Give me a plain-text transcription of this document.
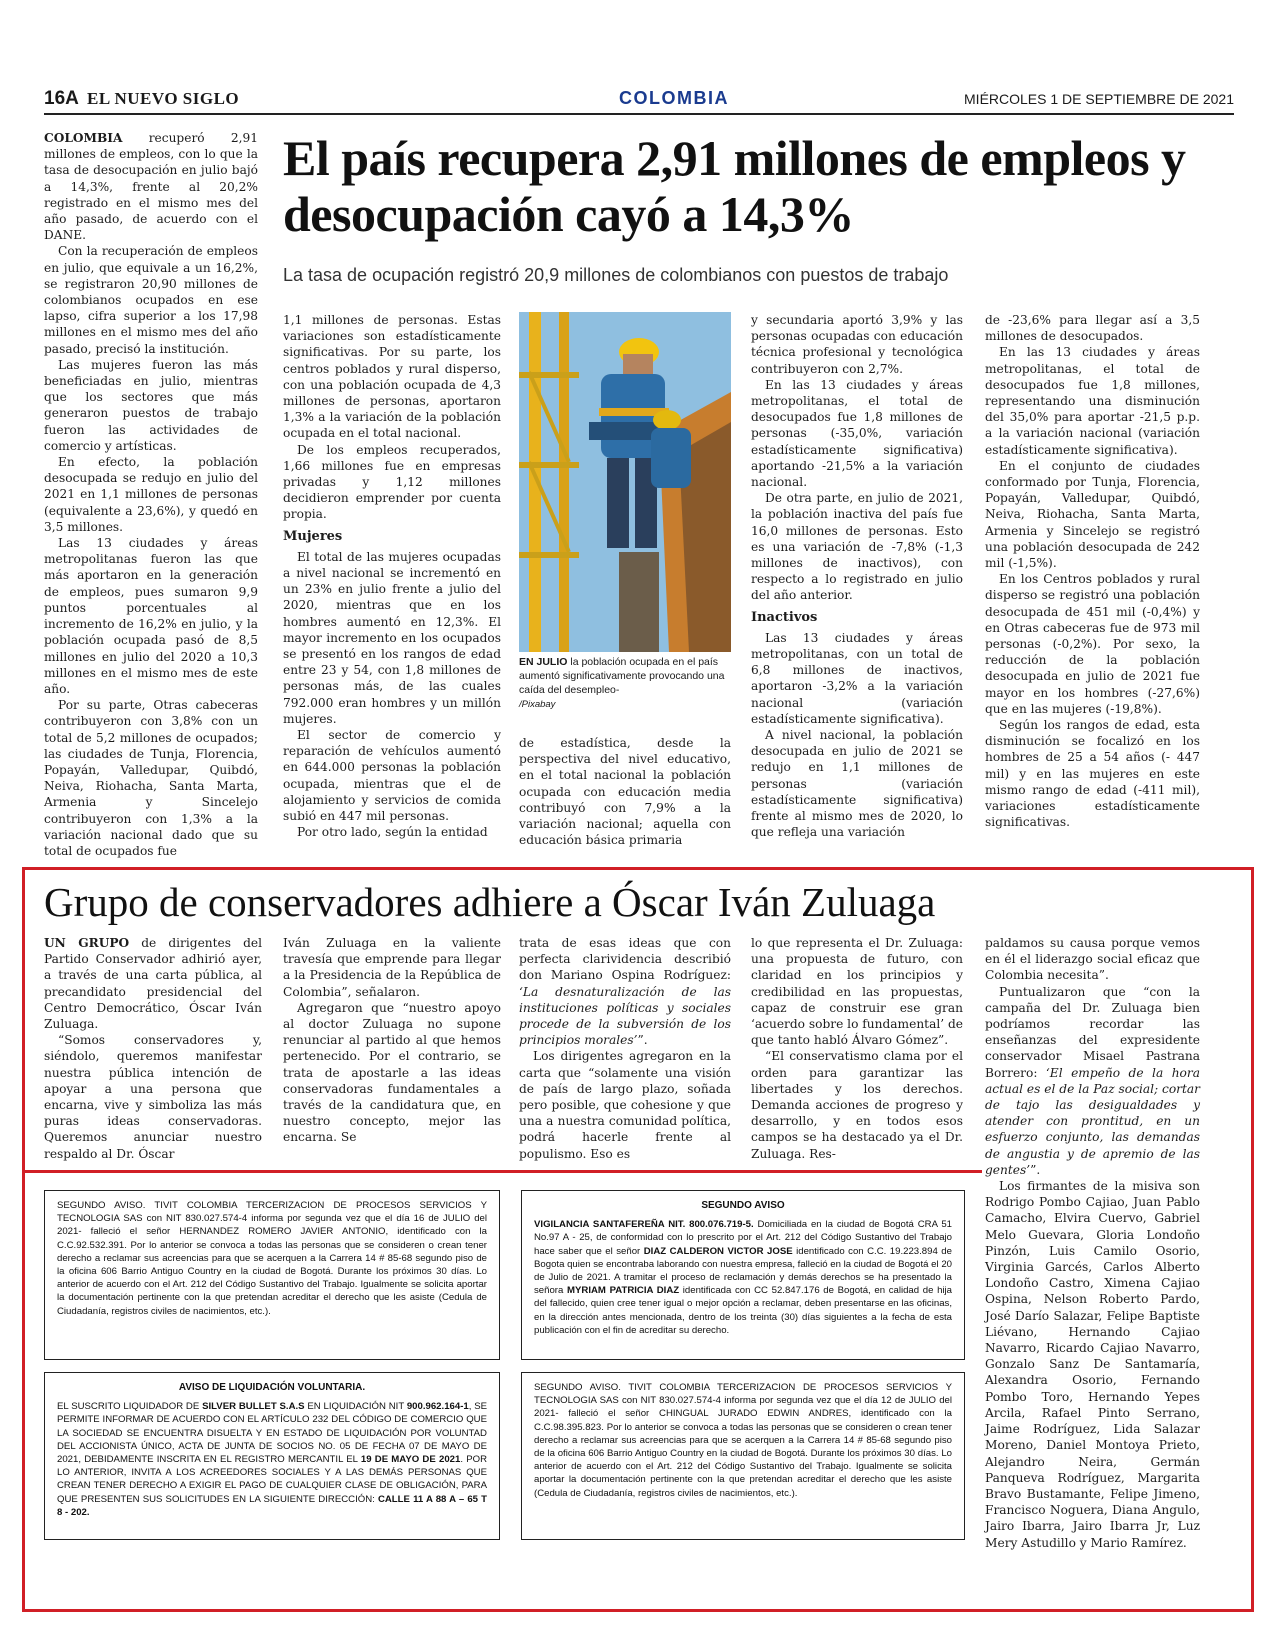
16A EL NUEVO SIGLO	COLOMBIA	MIÉRCOLES 1 DE SEPTIEMBRE DE 2021

COLOMBIA recuperó 2,91 millones de empleos, con lo que la tasa de desocupación en julio bajó a 14,3%, frente al 20,2% registrado en el mismo mes del año pasado, de acuerdo con el DANE.

Con la recuperación de empleos en julio, que equivale a un 16,2%, se registraron 20,90 millones de colombianos ocupados en ese lapso, cifra superior a los 17,98 millones en el mismo mes del año pasado, precisó la institución.

Las mujeres fueron las más beneficiadas en julio, mientras que los sectores que más generaron puestos de trabajo fueron las actividades de comercio y artísticas.

En efecto, la población desocupada se redujo en julio del 2021 en 1,1 millones de personas (equivalente a 23,6%), y quedó en 3,5 millones.

Las 13 ciudades y áreas metropolitanas fueron las que más aportaron en la generación de empleos, pues sumaron 9,9 puntos porcentuales al incremento de 16,2% en julio, y la población ocupada pasó de 8,5 millones en julio del 2020 a 10,3 millones en el mismo mes de este año.

Por su parte, Otras cabeceras contribuyeron con 3,8% con un total de 5,2 millones de ocupados; las ciudades de Tunja, Florencia, Popayán, Valledupar, Quibdó, Neiva, Riohacha, Santa Marta, Armenia y Sincelejo contribuyeron con 1,3% a la variación nacional dado que su total de ocupados fue

El país recupera 2,91 millones de empleos y desocupación cayó a 14,3%
La tasa de ocupación registró 20,9 millones de colombianos con puestos de trabajo

1,1 millones de personas. Estas variaciones son estadísticamente significativas. Por su parte, los centros poblados y rural disperso, con una población ocupada de 4,3 millones de personas, aportaron 1,3% a la variación de la población ocupada en el total nacional.

De los empleos recuperados, 1,66 millones fue en empresas privadas y 1,12 millones decidieron emprender por cuenta propia.

Mujeres

El total de las mujeres ocupadas a nivel nacional se incrementó en un 23% en julio frente a julio del 2020, mientras que en los hombres aumentó en 12,3%. El mayor incremento en los ocupados se presentó en los rangos de edad entre 23 y 54, con 1,8 millones de personas más, de las cuales 792.000 eran hombres y un millón mujeres.

El sector de comercio y reparación de vehículos aumentó en 644.000 personas la población ocupada, mientras que el de alojamiento y servicios de comida subió en 447 mil personas.

Por otro lado, según la entidad

EN JULIO la población ocupada en el país aumentó significativamente provocando una caída del desempleo-
/Pixabay

de estadística, desde la perspectiva del nivel educativo, en el total nacional la población ocupada con educación media contribuyó con 7,9% a la variación nacional; aquella con educación básica primaria

y secundaria aportó 3,9% y las personas ocupadas con educación técnica profesional y tecnológica contribuyeron con 2,7%.

En las 13 ciudades y áreas metropolitanas, el total de desocupados fue 1,8 millones de personas (-35,0%, variación estadísticamente significativa) aportando -21,5% a la variación nacional.

De otra parte, en julio de 2021, la población inactiva del país fue 16,0 millones de personas. Esto es una variación de -7,8% (-1,3 millones de inactivos), con respecto a lo registrado en julio del año anterior.

Inactivos

Las 13 ciudades y áreas metropolitanas, con un total de 6,8 millones de inactivos, aportaron -3,2% a la variación nacional (variación estadísticamente significativa).

A nivel nacional, la población desocupada en julio de 2021 se redujo en 1,1 millones de personas (variación estadísticamente significativa) frente al mismo mes de 2020, lo que refleja una variación

de -23,6% para llegar así a 3,5 millones de desocupados.

En las 13 ciudades y áreas metropolitanas, el total de desocupados fue 1,8 millones, representando una disminución del 35,0% para aportar -21,5 p.p. a la variación nacional (variación estadísticamente significativa).

En el conjunto de ciudades conformado por Tunja, Florencia, Popayán, Valledupar, Quibdó, Neiva, Riohacha, Santa Marta, Armenia y Sincelejo se registró una población desocupada de 242 mil (-1,5%).

En los Centros poblados y rural disperso se registró una población desocupada de 451 mil (-0,4%) y en Otras cabeceras fue de 973 mil personas (-0,2%). Por sexo, la reducción de la población desocupada en julio de 2021 fue mayor en los hombres (-27,6%) que en las mujeres (-19,8%).

Según los rangos de edad, esta disminución se focalizó en los hombres de 25 a 54 años (- 447 mil) y en las mujeres en este mismo rango de edad (-411 mil), variaciones estadísticamente significativas.

Grupo de conservadores adhiere a Óscar Iván Zuluaga

UN GRUPO de dirigentes del Partido Conservador adhirió ayer, a través de una carta pública, al precandidato presidencial del Centro Democrático, Óscar Iván Zuluaga.

“Somos conservadores y, siéndolo, queremos manifestar nuestra pública intención de apoyar a una persona que encarna, vive y simboliza las más puras ideas conservadoras. Queremos anunciar nuestro respaldo al Dr. Óscar

Iván Zuluaga en la valiente travesía que emprende para llegar a la Presidencia de la República de Colombia”, señalaron.

Agregaron que “nuestro apoyo al doctor Zuluaga no supone renunciar al partido al que hemos pertenecido. Por el contrario, se trata de apostarle a las ideas conservadoras fundamentales a través de la candidatura que, en nuestro concepto, mejor las encarna. Se

trata de esas ideas que con perfecta clarividencia describió don Mariano Ospina Rodríguez: ‘La desnaturalización de las instituciones políticas y sociales procede de la subversión de los principios morales’”.

Los dirigentes agregaron en la carta que “solamente una visión de país de largo plazo, soñada pero posible, que cohesione y que una a nuestra comunidad política, podrá hacerle frente al populismo. Eso es

lo que representa el Dr. Zuluaga: una propuesta de futuro, con claridad en los principios y credibilidad en las propuestas, capaz de construir ese gran ‘acuerdo sobre lo fundamental’ de que tanto habló Álvaro Gómez”.

“El conservatismo clama por el orden para garantizar las libertades y los derechos. Demanda acciones de progreso y desarrollo, y en todos esos campos se ha destacado ya el Dr. Zuluaga. Res-

paldamos su causa porque vemos en él el liderazgo social eficaz que Colombia necesita”.

Puntualizaron que “con la campaña del Dr. Zuluaga bien podríamos recordar las enseñanzas del expresidente conservador Misael Pastrana Borrero: ‘El empeño de la hora actual es el de la Paz social; cortar de tajo las desigualdades y atender con prontitud, en un esfuerzo conjunto, las demandas de angustia y de apremio de las gentes’”.

Los firmantes de la misiva son Rodrigo Pombo Cajiao, Juan Pablo Camacho, Elvira Cuervo, Gabriel Melo Guevara, Gloria Londoño Pinzón, Luis Camilo Osorio, Virginia Garcés, Carlos Alberto Londoño Castro, Ximena Cajiao Ospina, Nelson Roberto Pardo, José Darío Salazar, Felipe Baptiste Liévano, Hernando Cajiao Navarro, Ricardo Cajiao Navarro, Gonzalo Sanz De Santamaría, Alexandra Osorio, Fernando Pombo Toro, Hernando Yepes Arcila, Rafael Pinto Serrano, Jaime Rodríguez, Lida Salazar Moreno, Daniel Montoya Prieto, Alejandro Neira, Germán Panqueva Rodríguez, Margarita Bravo Bustamante, Felipe Jimeno, Francisco Noguera, Diana Angulo, Jairo Ibarra, Jairo Ibarra Jr, Luz Mery Astudillo y Mario Ramírez.

SEGUNDO AVISO. TIVIT COLOMBIA TERCERIZACION DE PROCESOS SERVICIOS Y TECNOLOGIA SAS con NIT 830.027.574-4 informa por segunda vez que el día 16 de JULIO del 2021- falleció el señor HERNANDEZ ROMERO JAVIER ANTONIO, identificado con la C.C.92.532.391. Por lo anterior se convoca a todas las personas que se consideren o crean tener derecho a reclamar sus acreencias para que se acerquen a la Carrera 14 # 85-68 segundo piso de la oficina 606 Barrio Antiguo Country en la ciudad de Bogotá. Durante los próximos 30 días. Lo anterior de acuerdo con el Art. 212 del Código Sustantivo del Trabajo. Igualmente se solicita aportar la documentación pertinente con la que pretendan acreditar el derecho que les asiste (Cedula de Ciudadanía, registros civiles de nacimientos, etc.).
SEGUNDO AVISO
VIGILANCIA SANTAFEREÑA NIT. 800.076.719-5. Domiciliada en la ciudad de Bogotá CRA 51 No.97 A - 25, de conformidad con lo prescrito por el Art. 212 del Código Sustantivo del Trabajo hace saber que el señor DIAZ CALDERON VICTOR JOSE identificado con C.C. 19.223.894 de Bogota quien se encontraba laborando con nuestra empresa, falleció en la ciudad de Bogotá el 20 de Julio de 2021. A tramitar el proceso de reclamación y demás derechos se ha presentado la señora MYRIAM PATRICIA DIAZ identificada con CC 52.847.176 de Bogotá, en calidad de hija del fallecido, quien cree tener igual o mejor opción a reclamar, deben presentarse en las oficinas, en la dirección antes mencionada, dentro de los treinta (30) días siguientes a la fecha de esta publicación con el fin de acreditar su derecho.
AVISO DE LIQUIDACIÓN VOLUNTARIA.
EL SUSCRITO LIQUIDADOR DE SILVER BULLET S.A.S EN LIQUIDACIÓN NIT 900.962.164-1, SE PERMITE INFORMAR DE ACUERDO CON EL ARTÍCULO 232 DEL CÓDIGO DE COMERCIO QUE LA SOCIEDAD SE ENCUENTRA DISUELTA Y EN ESTADO DE LIQUIDACIÓN POR VOLUNTAD DEL ACCIONISTA ÚNICO, ACTA DE JUNTA DE SOCIOS NO. 05 DE FECHA 07 DE MAYO DE 2021, DEBIDAMENTE INSCRITA EN EL REGISTRO MERCANTIL EL 19 DE MAYO DE 2021. POR LO ANTERIOR, INVITA A LOS ACREEDORES SOCIALES Y A LAS DEMÁS PERSONAS QUE CREAN TENER DERECHO A EXIGIR EL PAGO DE CUALQUIER CLASE DE OBLIGACIÓN, PARA QUE PRESENTEN SUS SOLICITUDES EN LA SIGUIENTE DIRECCIÓN: CALLE 11 A 88 A – 65 T 8 - 202.
SEGUNDO AVISO. TIVIT COLOMBIA TERCERIZACION DE PROCESOS SERVICIOS Y TECNOLOGIA SAS con NIT 830.027.574-4 informa por segunda vez que el día 12 de JULIO del 2021- falleció el señor CHINGUAL JURADO EDWIN ANDRES, identificado con la C.C.98.395.823. Por lo anterior se convoca a todas las personas que se consideren o crean tener derecho a reclamar sus acreencias para que se acerquen a la Carrera 14 # 85-68 segundo piso de la oficina 606 Barrio Antiguo Country en la ciudad de Bogotá. Durante los próximos 30 días. Lo anterior de acuerdo con el Art. 212 del Código Sustantivo del Trabajo. Igualmente se solicita aportar la documentación pertinente con la que pretendan acreditar el derecho que les asiste (Cedula de Ciudadanía, registros civiles de nacimientos, etc.).
